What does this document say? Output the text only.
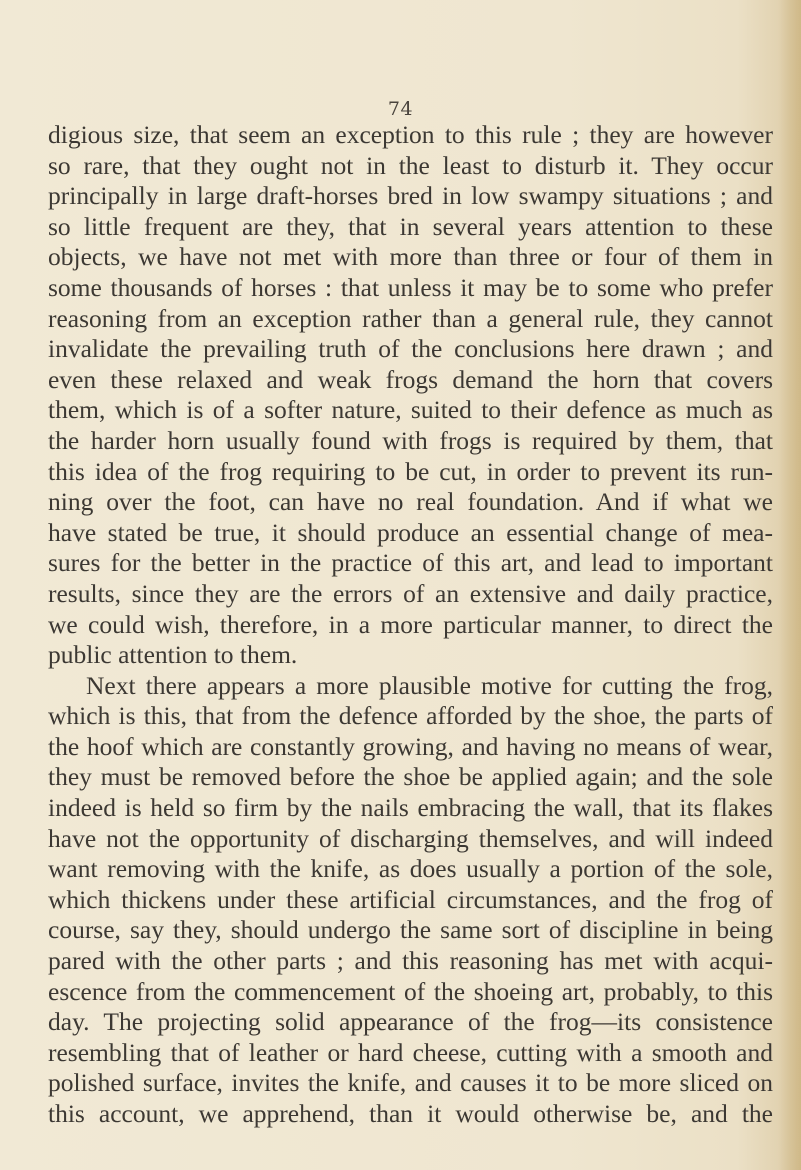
74
digious size, that seem an exception to this rule ; they are however
so rare, that they ought not in the least to disturb it. They occur
principally in large draft-horses bred in low swampy situations ; and
so little frequent are they, that in several years attention to these
objects, we have not met with more than three or four of them in
some thousands of horses : that unless it may be to some who prefer
reasoning from an exception rather than a general rule, they cannot
invalidate the prevailing truth of the conclusions here drawn ; and
even these relaxed and weak frogs demand the horn that covers
them, which is of a softer nature, suited to their defence as much as
the harder horn usually found with frogs is required by them, that
this idea of the frog requiring to be cut, in order to prevent its run-
ning over the foot, can have no real foundation. And if what we
have stated be true, it should produce an essential change of mea-
sures for the better in the practice of this art, and lead to important
results, since they are the errors of an extensive and daily practice,
we could wish, therefore, in a more particular manner, to direct the
public attention to them.
Next there appears a more plausible motive for cutting the frog,
which is this, that from the defence afforded by the shoe, the parts of
the hoof which are constantly growing, and having no means of wear,
they must be removed before the shoe be applied again; and the sole
indeed is held so firm by the nails embracing the wall, that its flakes
have not the opportunity of discharging themselves, and will indeed
want removing with the knife, as does usually a portion of the sole,
which thickens under these artificial circumstances, and the frog of
course, say they, should undergo the same sort of discipline in being
pared with the other parts ; and this reasoning has met with acqui-
escence from the commencement of the shoeing art, probably, to this
day. The projecting solid appearance of the frog—its consistence
resembling that of leather or hard cheese, cutting with a smooth and
polished surface, invites the knife, and causes it to be more sliced on
this account, we apprehend, than it would otherwise be, and the
